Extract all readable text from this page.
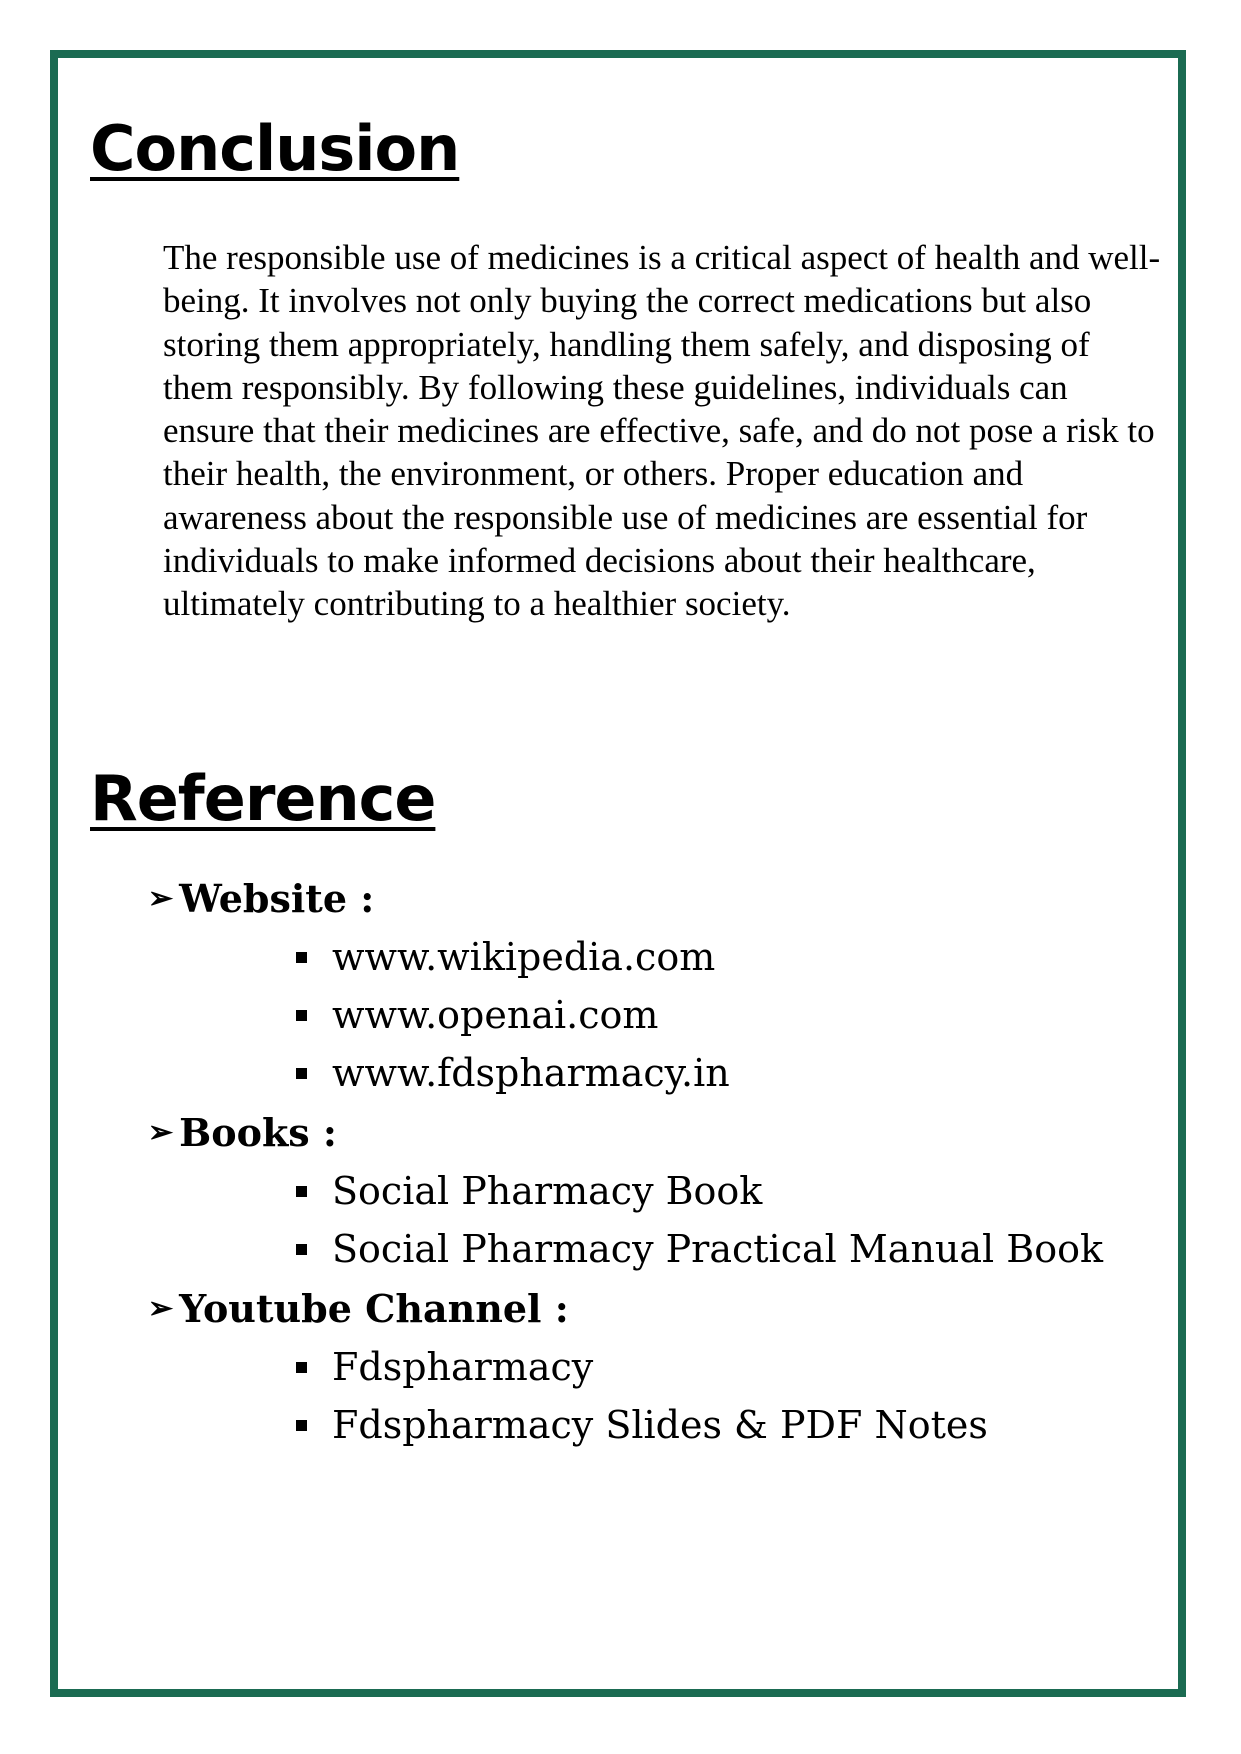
Conclusion

The responsible use of medicines is a critical aspect of health and well-being. It involves not only buying the correct medications but also storing them appropriately, handling them safely, and disposing of them responsibly. By following these guidelines, individuals can ensure that their medicines are effective, safe, and do not pose a risk to their health, the environment, or others. Proper education and awareness about the responsible use of medicines are essential for individuals to make informed decisions about their healthcare, ultimately contributing to a healthier society.

Reference
➢ Website :
www.wikipedia.com
www.openai.com
www.fdspharmacy.in
➢ Books :
Social Pharmacy Book
Social Pharmacy Practical Manual Book
➢ Youtube Channel :
Fdspharmacy
Fdspharmacy Slides & PDF Notes
